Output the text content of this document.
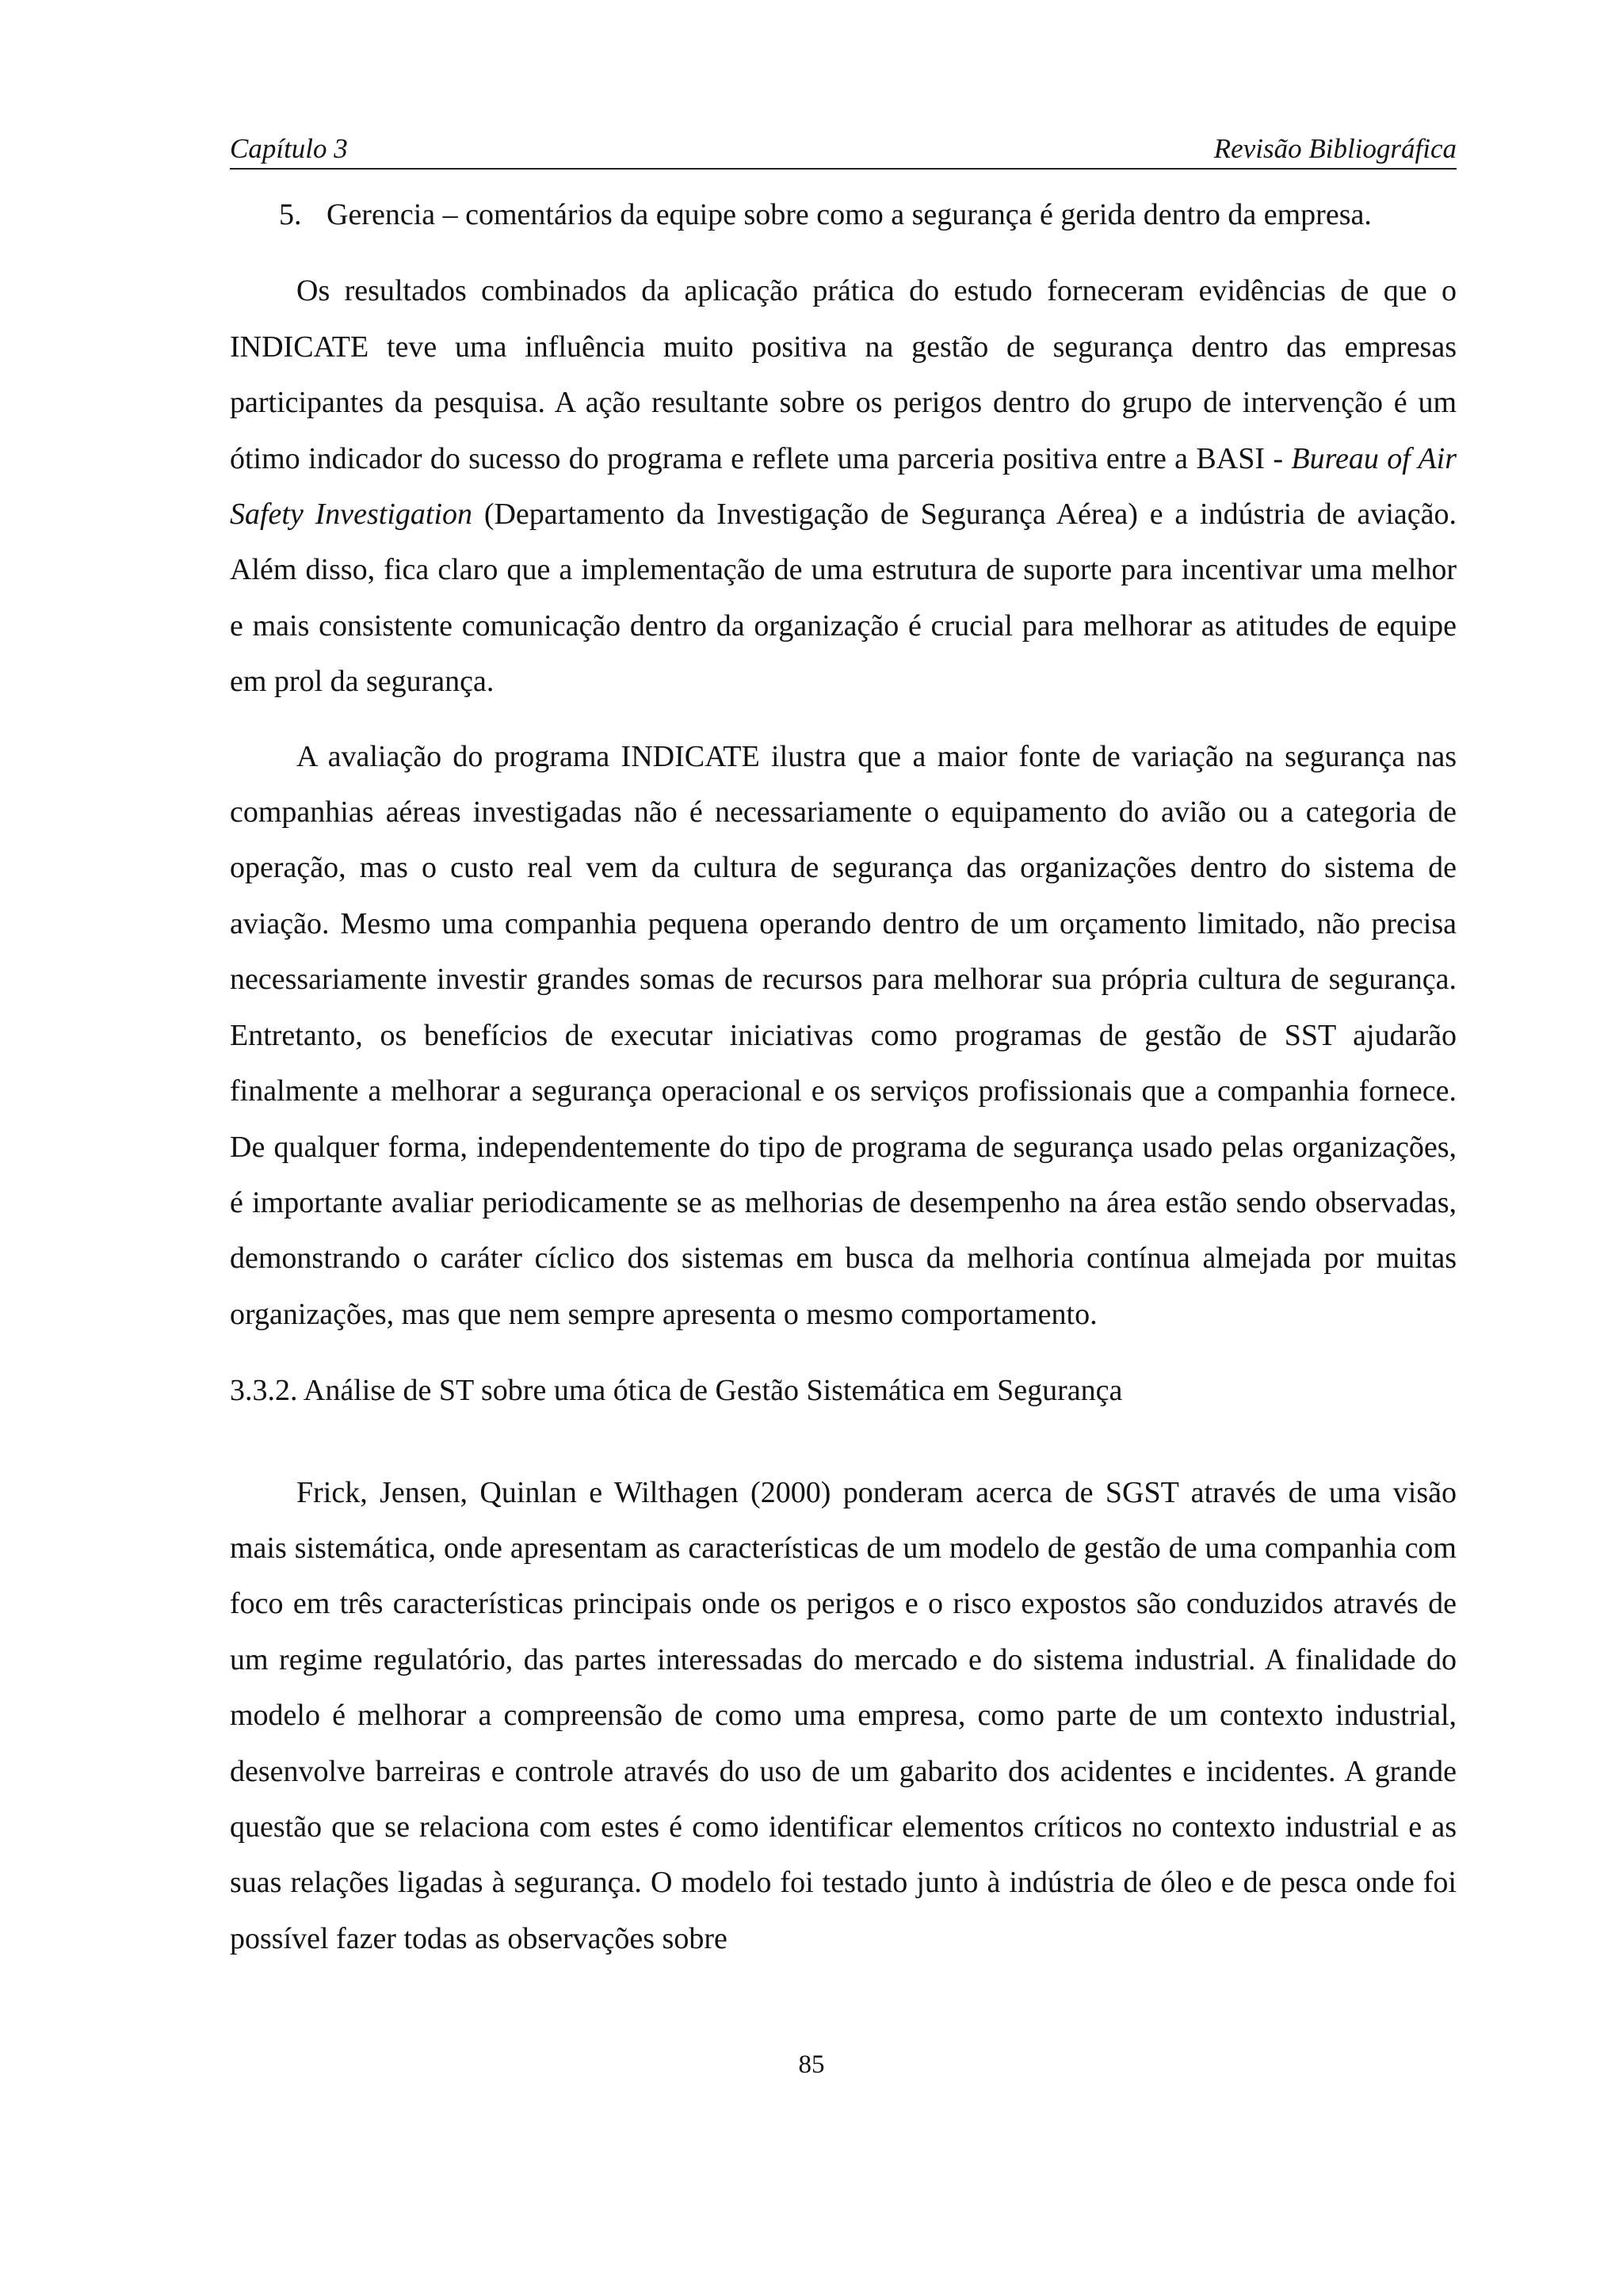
Capítulo 3	Revisão Bibliográfica

5. Gerencia – comentários da equipe sobre como a segurança é gerida dentro da empresa.

Os resultados combinados da aplicação prática do estudo forneceram evidências de que o INDICATE teve uma influência muito positiva na gestão de segurança dentro das empresas participantes da pesquisa. A ação resultante sobre os perigos dentro do grupo de intervenção é um ótimo indicador do sucesso do programa e reflete uma parceria positiva entre a BASI - Bureau of Air Safety Investigation (Departamento da Investigação de Segurança Aérea) e a indústria de aviação. Além disso, fica claro que a implementação de uma estrutura de suporte para incentivar uma melhor e mais consistente comunicação dentro da organização é crucial para melhorar as atitudes de equipe em prol da segurança.

A avaliação do programa INDICATE ilustra que a maior fonte de variação na segurança nas companhias aéreas investigadas não é necessariamente o equipamento do avião ou a categoria de operação, mas o custo real vem da cultura de segurança das organizações dentro do sistema de aviação. Mesmo uma companhia pequena operando dentro de um orçamento limitado, não precisa necessariamente investir grandes somas de recursos para melhorar sua própria cultura de segurança. Entretanto, os benefícios de executar iniciativas como programas de gestão de SST ajudarão finalmente a melhorar a segurança operacional e os serviços profissionais que a companhia fornece. De qualquer forma, independentemente do tipo de programa de segurança usado pelas organizações, é importante avaliar periodicamente se as melhorias de desempenho na área estão sendo observadas, demonstrando o caráter cíclico dos sistemas em busca da melhoria contínua almejada por muitas organizações, mas que nem sempre apresenta o mesmo comportamento.

3.3.2. Análise de ST sobre uma ótica de Gestão Sistemática em Segurança

Frick, Jensen, Quinlan e Wilthagen (2000) ponderam acerca de SGST através de uma visão mais sistemática, onde apresentam as características de um modelo de gestão de uma companhia com foco em três características principais onde os perigos e o risco expostos são conduzidos através de um regime regulatório, das partes interessadas do mercado e do sistema industrial. A finalidade do modelo é melhorar a compreensão de como uma empresa, como parte de um contexto industrial, desenvolve barreiras e controle através do uso de um gabarito dos acidentes e incidentes. A grande questão que se relaciona com estes é como identificar elementos críticos no contexto industrial e as suas relações ligadas à segurança. O modelo foi testado junto à indústria de óleo e de pesca onde foi possível fazer todas as observações sobre

85
